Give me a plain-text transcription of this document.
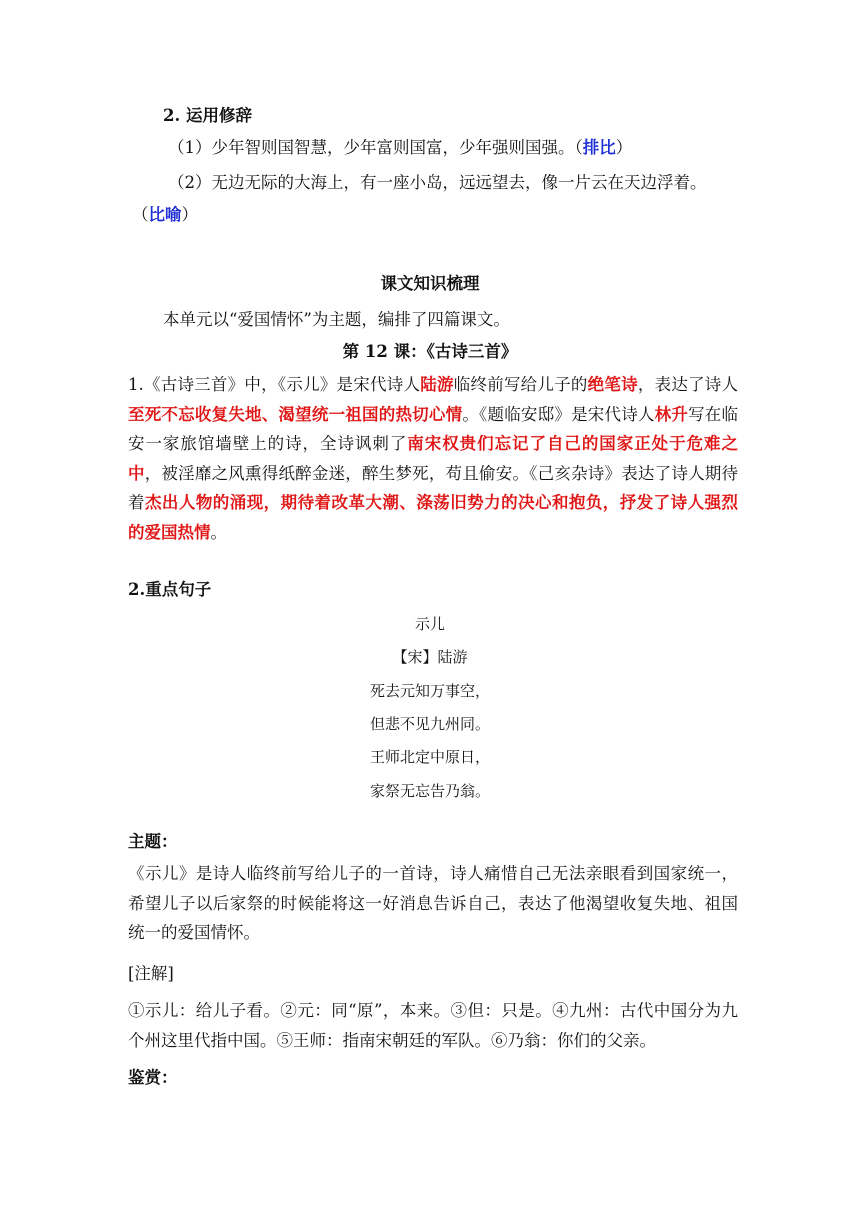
2. 运用修辞
（1）少年智则国智慧，少年富则国富，少年强则国强。（排比）
（2）无边无际的大海上，有一座小岛，远远望去，像一片云在天边浮着。
（比喻）
课文知识梳理
本单元以“爱国情怀”为主题，编排了四篇课文。
第 12 课：《古诗三首》
1.《古诗三首》中，《示儿》是宋代诗人陆游临终前写给儿子的绝笔诗，表达了诗人至死不忘收复失地、渴望统一祖国的热切心情。《题临安邸》是宋代诗人林升写在临安一家旅馆墙壁上的诗，全诗讽刺了南宋权贵们忘记了自己的国家正处于危难之中，被淫靡之风熏得纸醉金迷，醉生梦死，苟且偷安。《己亥杂诗》表达了诗人期待着杰出人物的涌现，期待着改革大潮、涤荡旧势力的决心和抱负，抒发了诗人强烈的爱国热情。
2.重点句子
示儿
【宋】陆游
死去元知万事空，
但悲不见九州同。
王师北定中原日，
家祭无忘告乃翁。
主题：
《示儿》是诗人临终前写给儿子的一首诗，诗人痛惜自己无法亲眼看到国家统一，希望儿子以后家祭的时候能将这一好消息告诉自己，表达了他渴望收复失地、祖国统一的爱国情怀。
[注解]
①示儿：给儿子看。②元：同“原”，本来。③但：只是。④九州：古代中国分为九个州这里代指中国。⑤王师：指南宋朝廷的军队。⑥乃翁：你们的父亲。
鉴赏：
